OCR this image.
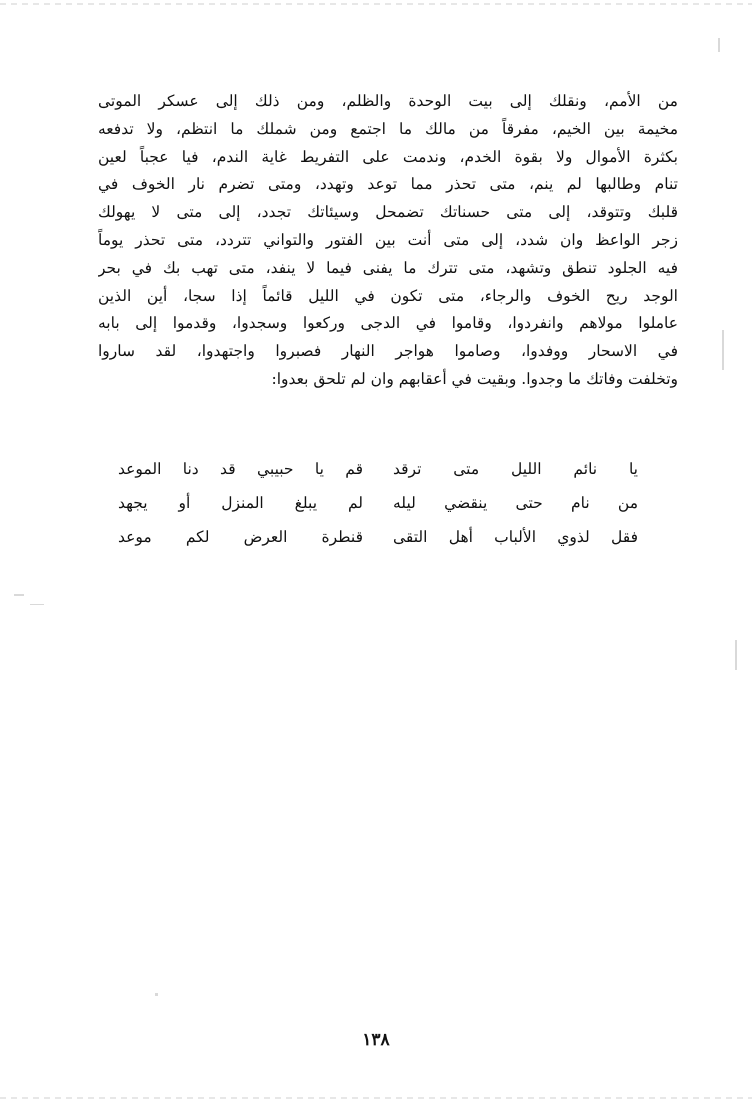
من الأمم، ونقلك إلى بيت الوحدة والظلم، ومن ذلك إلى عسكر الموتى
مخيمة بين الخيم، مفرقاً من مالك ما اجتمع ومن شملك ما انتظم، ولا تدفعه
بكثرة الأموال ولا بقوة الخدم، وندمت على التفريط غاية الندم، فيا عجباً لعين
تنام وطالبها لم ينم، متى تحذر مما توعد وتهدد، ومتى تضرم نار الخوف في
قلبك وتتوقد، إلى متى حسناتك تضمحل وسيئاتك تجدد، إلى متى لا يهولك
زجر الواعظ وان شدد، إلى متى أنت بين الفتور والتواني تتردد، متى تحذر يوماً
فيه الجلود تنطق وتشهد، متى تترك ما يفنى فيما لا ينفد، متى تهب بك في بحر
الوجد ريح الخوف والرجاء، متى تكون في الليل قائماً إذا سجا، أين الذين
عاملوا مولاهم وانفردوا، وقاموا في الدجى وركعوا وسجدوا، وقدموا إلى بابه
في الاسحار ووفدوا، وصاموا هواجر النهار فصبروا واجتهدوا، لقد ساروا
وتخلفت وفاتك ما وجدوا. وبقيت في أعقابهم وان لم تلحق بعدوا:
يا نائم الليل متى ترقد
قم يا حبيبي قد دنا الموعد
من نام حتى ينقضي ليله
لم يبلغ المنزل أو يجهد
فقل لذوي الألباب أهل التقى
قنطرة العرض لكم موعد
١٣٨
